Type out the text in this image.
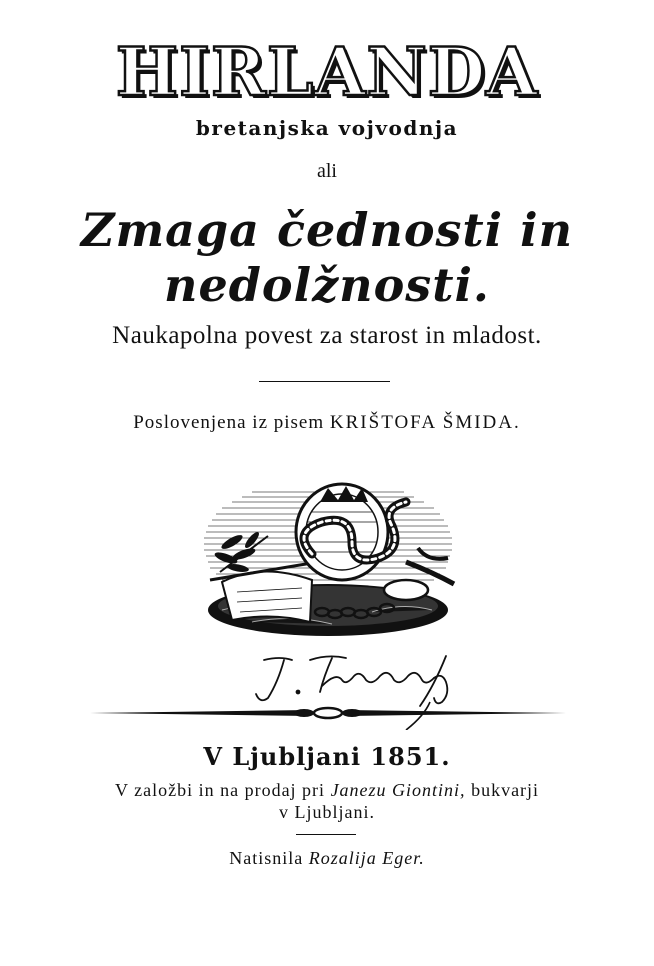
HIRLANDA
bretanjska vojvodnja
ali
Zmaga čednosti in
nedolžnosti.
Naukapolna povest za starost in mladost.
Poslovenjena iz pisem KRIŠTOFA ŠMIDA.
V Ljubljani 1851.
V založbi in na prodaj pri Janezu Giontini, bukvarji
v Ljubljani.
Natisnila Rozalija Eger.
